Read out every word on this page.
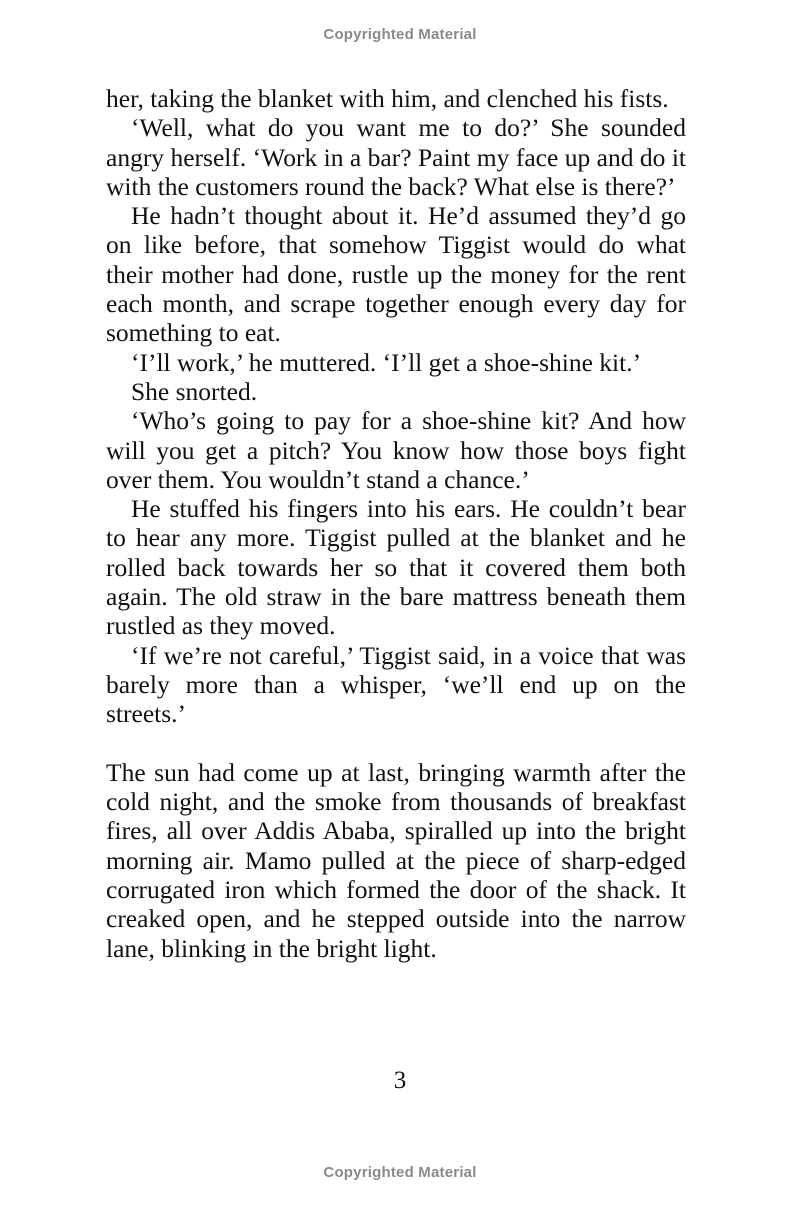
Copyrighted Material

her, taking the blanket with him, and clenched his fists.

‘Well, what do you want me to do?’ She sounded angry herself. ‘Work in a bar? Paint my face up and do it with the customers round the back? What else is there?’

He hadn’t thought about it. He’d assumed they’d go on like before, that somehow Tiggist would do what their mother had done, rustle up the money for the rent each month, and scrape together enough every day for something to eat.

‘I’ll work,’ he muttered. ‘I’ll get a shoe-shine kit.’

She snorted.

‘Who’s going to pay for a shoe-shine kit? And how will you get a pitch? You know how those boys fight over them. You wouldn’t stand a chance.’

He stuffed his fingers into his ears. He couldn’t bear to hear any more. Tiggist pulled at the blanket and he rolled back towards her so that it covered them both again. The old straw in the bare mattress beneath them rustled as they moved.

‘If we’re not careful,’ Tiggist said, in a voice that was barely more than a whisper, ‘we’ll end up on the streets.’

The sun had come up at last, bringing warmth after the cold night, and the smoke from thousands of breakfast fires, all over Addis Ababa, spiralled up into the bright morning air. Mamo pulled at the piece of sharp-edged corrugated iron which formed the door of the shack. It creaked open, and he stepped outside into the narrow lane, blinking in the bright light.

3
Copyrighted Material
